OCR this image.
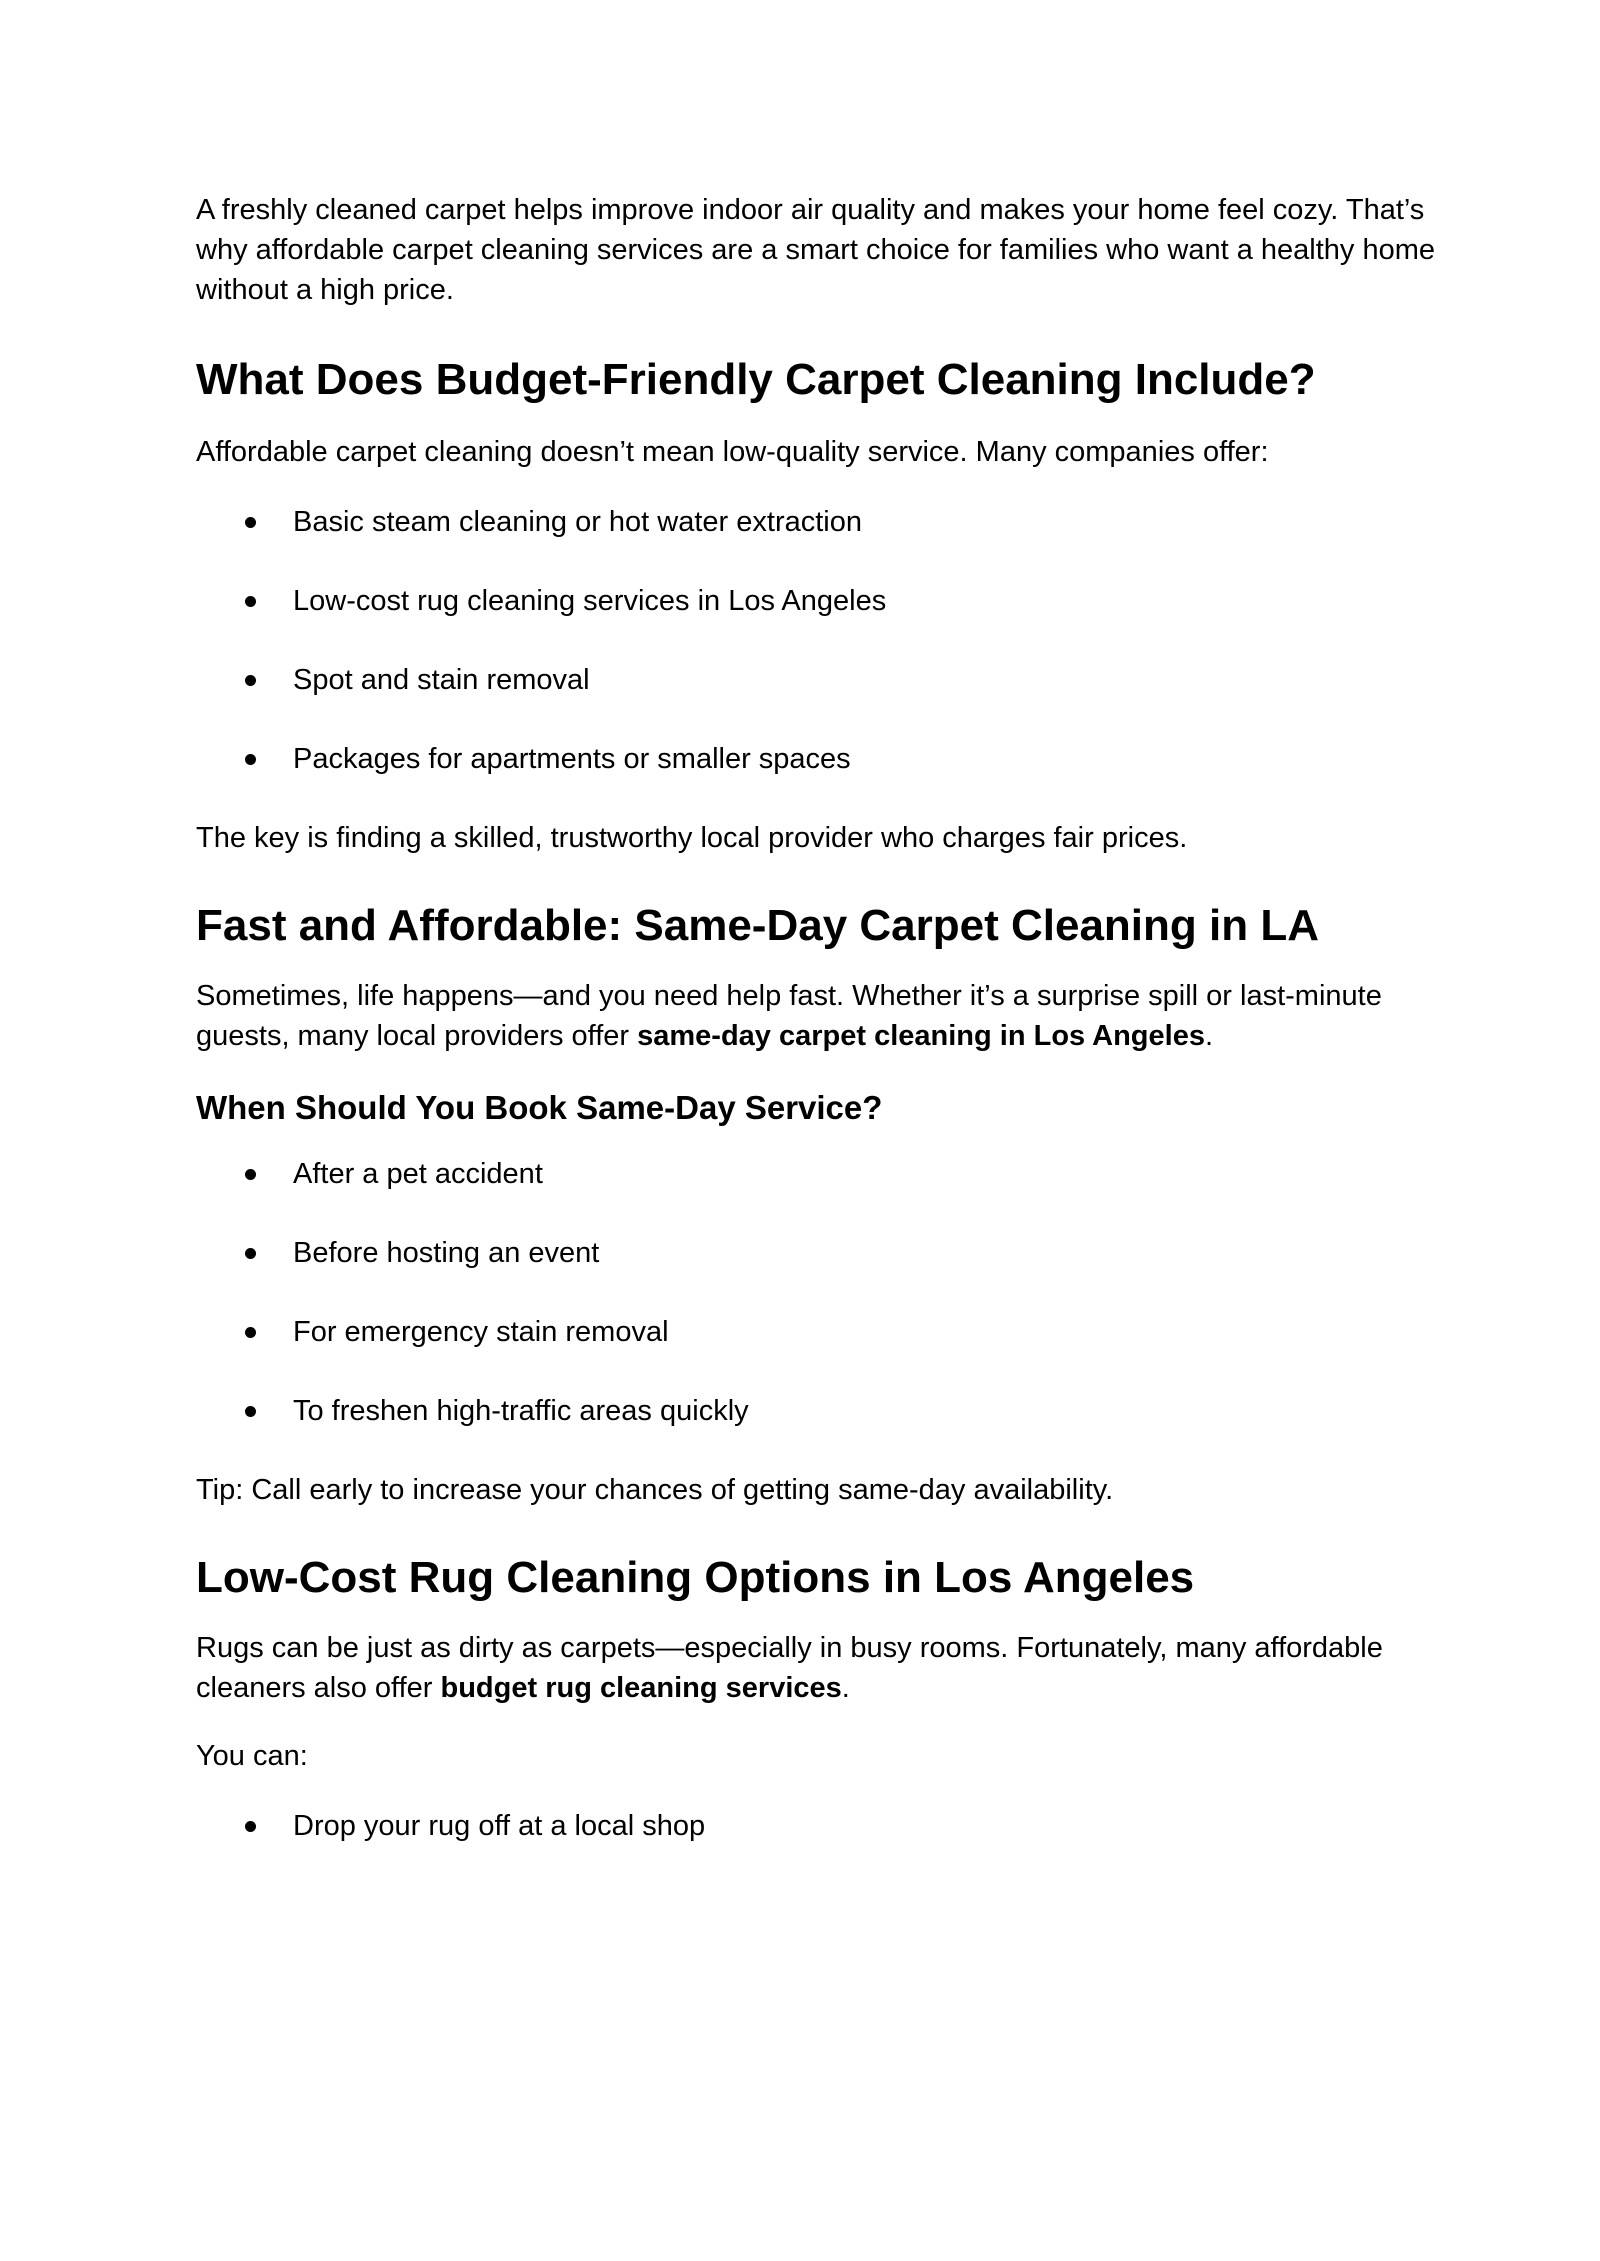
A freshly cleaned carpet helps improve indoor air quality and makes your home feel cozy. That’s why affordable carpet cleaning services are a smart choice for families who want a healthy home without a high price.

What Does Budget-Friendly Carpet Cleaning Include?

Affordable carpet cleaning doesn’t mean low-quality service. Many companies offer:

Basic steam cleaning or hot water extraction
Low-cost rug cleaning services in Los Angeles
Spot and stain removal
Packages for apartments or smaller spaces

The key is finding a skilled, trustworthy local provider who charges fair prices.

Fast and Affordable: Same-Day Carpet Cleaning in LA

Sometimes, life happens—and you need help fast. Whether it’s a surprise spill or last-minute guests, many local providers offer same-day carpet cleaning in Los Angeles.

When Should You Book Same-Day Service?
After a pet accident
Before hosting an event
For emergency stain removal
To freshen high-traffic areas quickly

Tip: Call early to increase your chances of getting same-day availability.

Low-Cost Rug Cleaning Options in Los Angeles

Rugs can be just as dirty as carpets—especially in busy rooms. Fortunately, many affordable cleaners also offer budget rug cleaning services.

You can:

Drop your rug off at a local shop
